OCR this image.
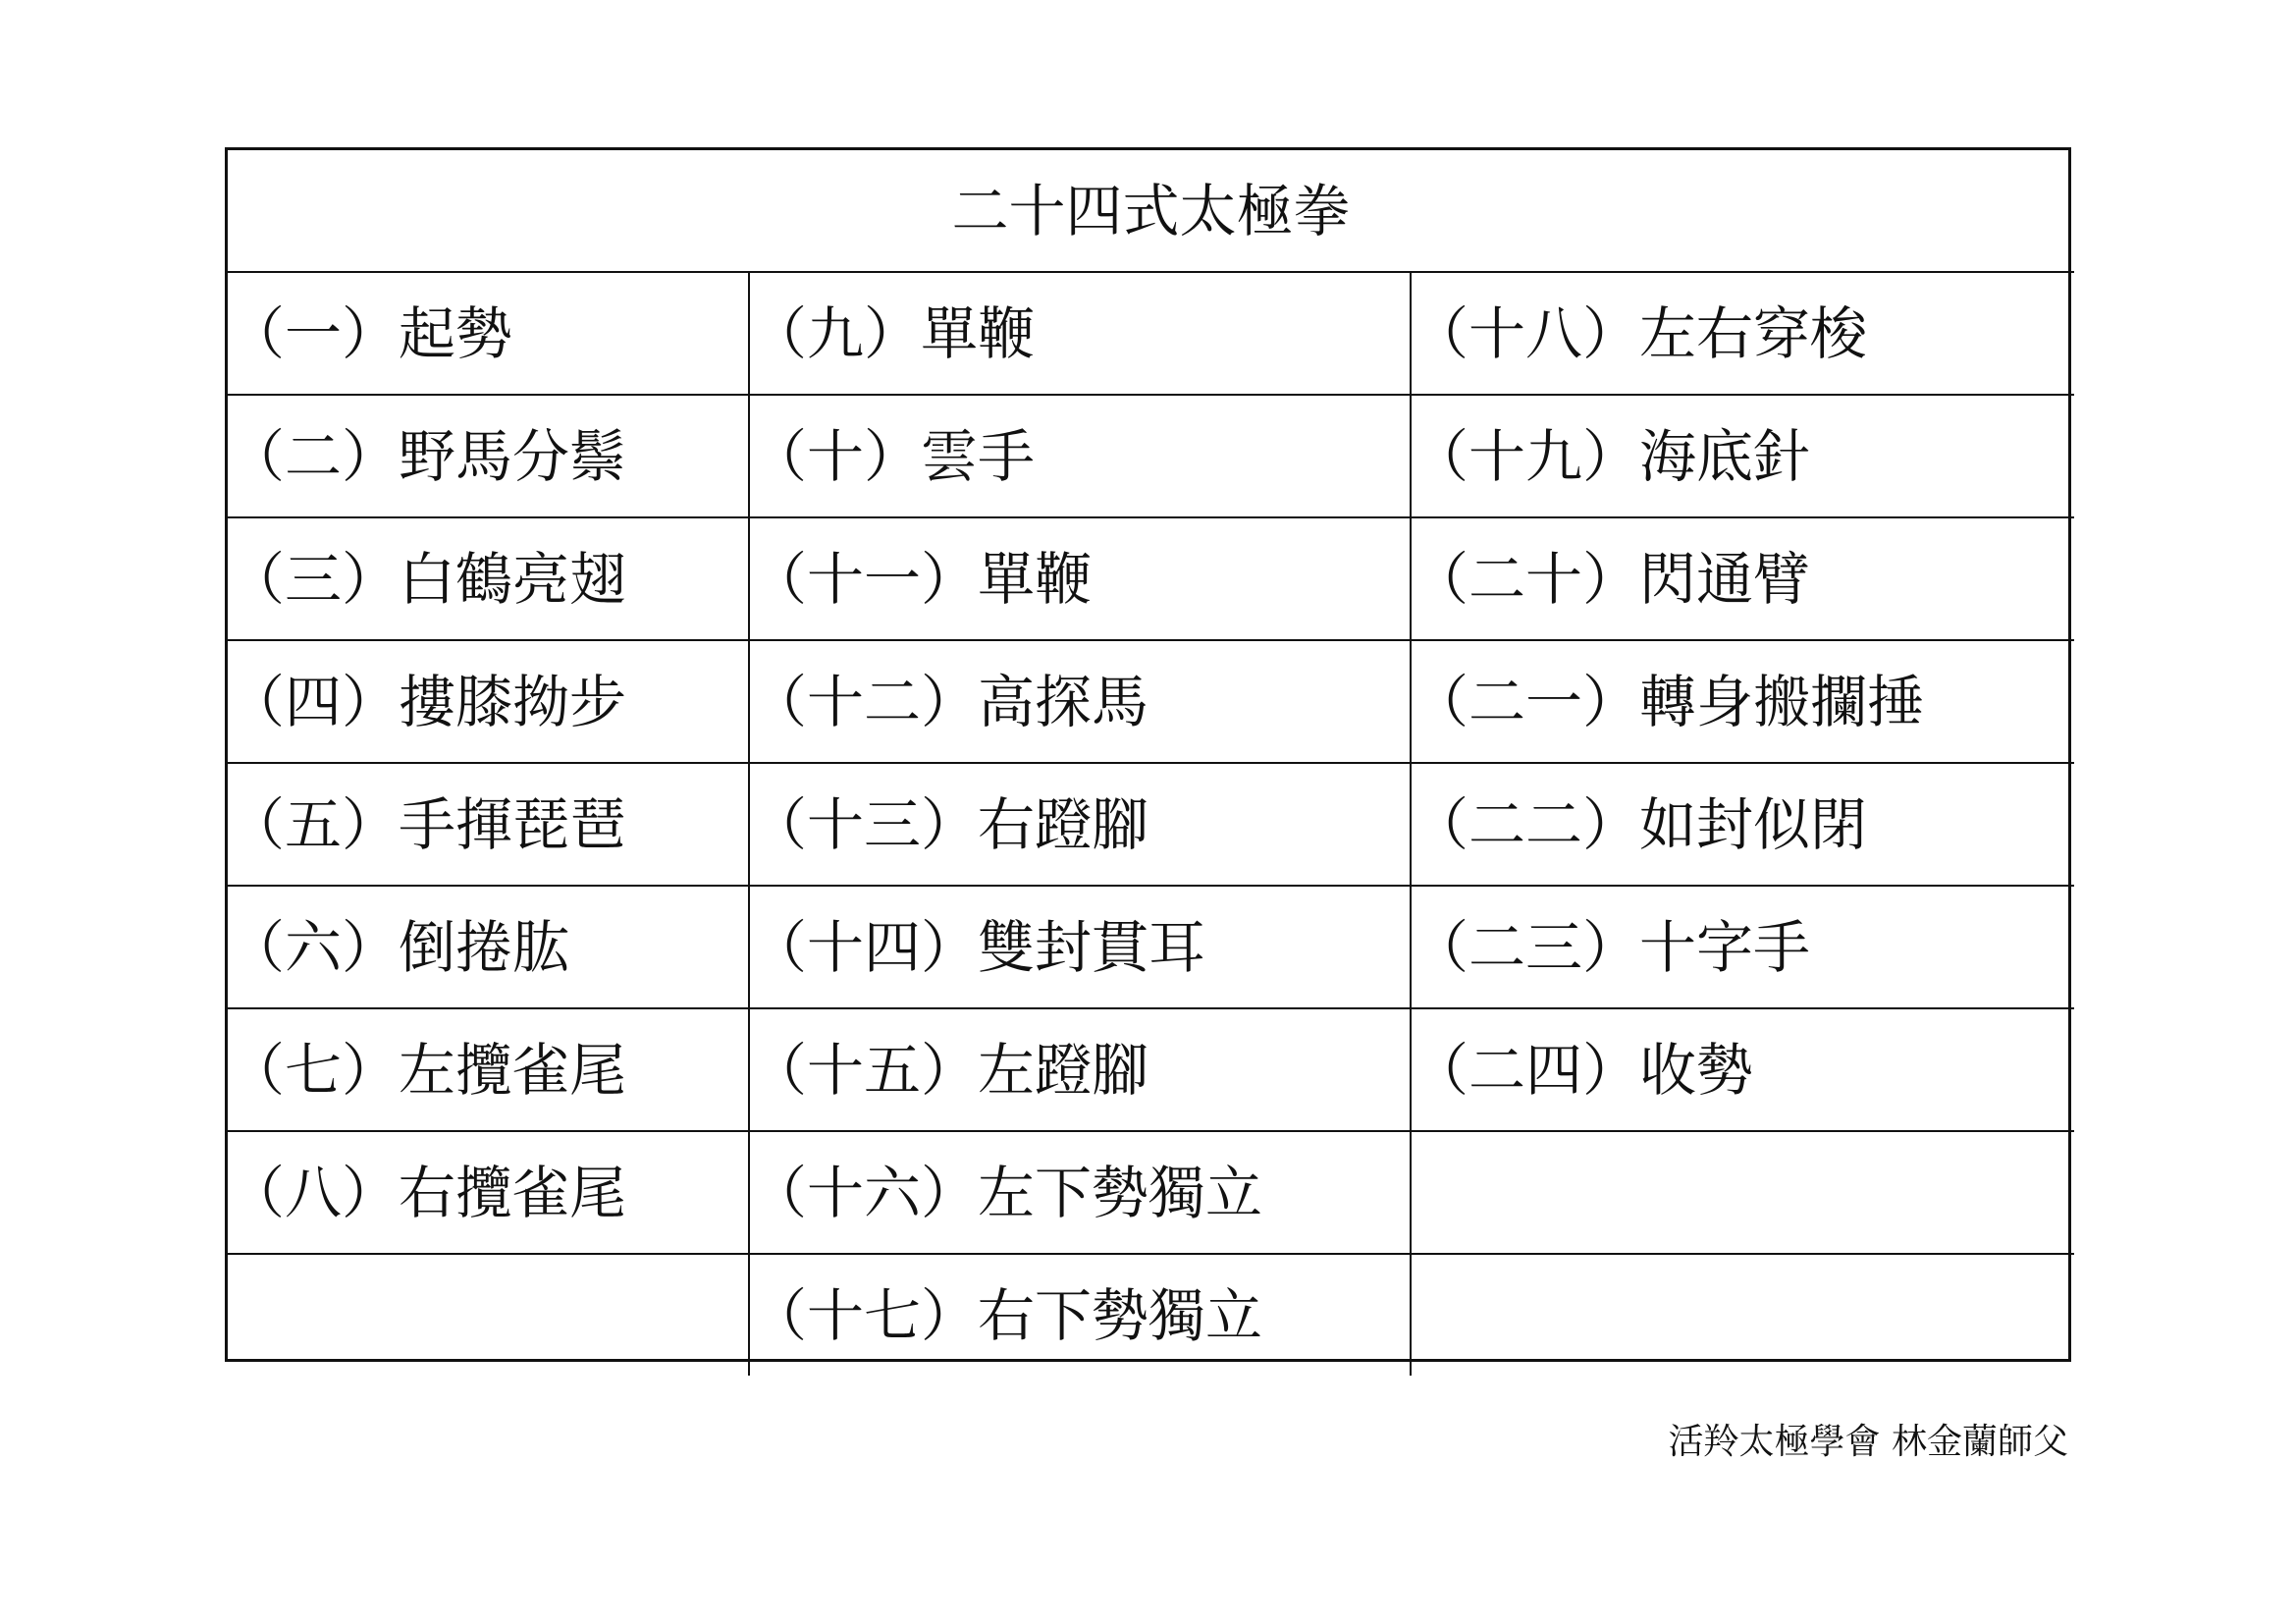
二十四式太極拳		
（一）起勢	（九）單鞭	（十八）左右穿梭
（二）野馬分鬃	（十）雲手	（十九）海底針
（三）白鶴亮翅	（十一）單鞭	（二十）閃通臂
（四）摟膝拗步	（十二）高探馬	（二一）轉身搬攔捶
（五）手揮琵琶	（十三）右蹬腳	（二二）如封似閉
（六）倒捲肱	（十四）雙封貫耳	（二三）十字手
（七）左攬雀尾	（十五）左蹬腳	（二四）收勢
（八）右攬雀尾	（十六）左下勢獨立	
	（十七）右下勢獨立	
活羚太極學會 林金蘭師父
